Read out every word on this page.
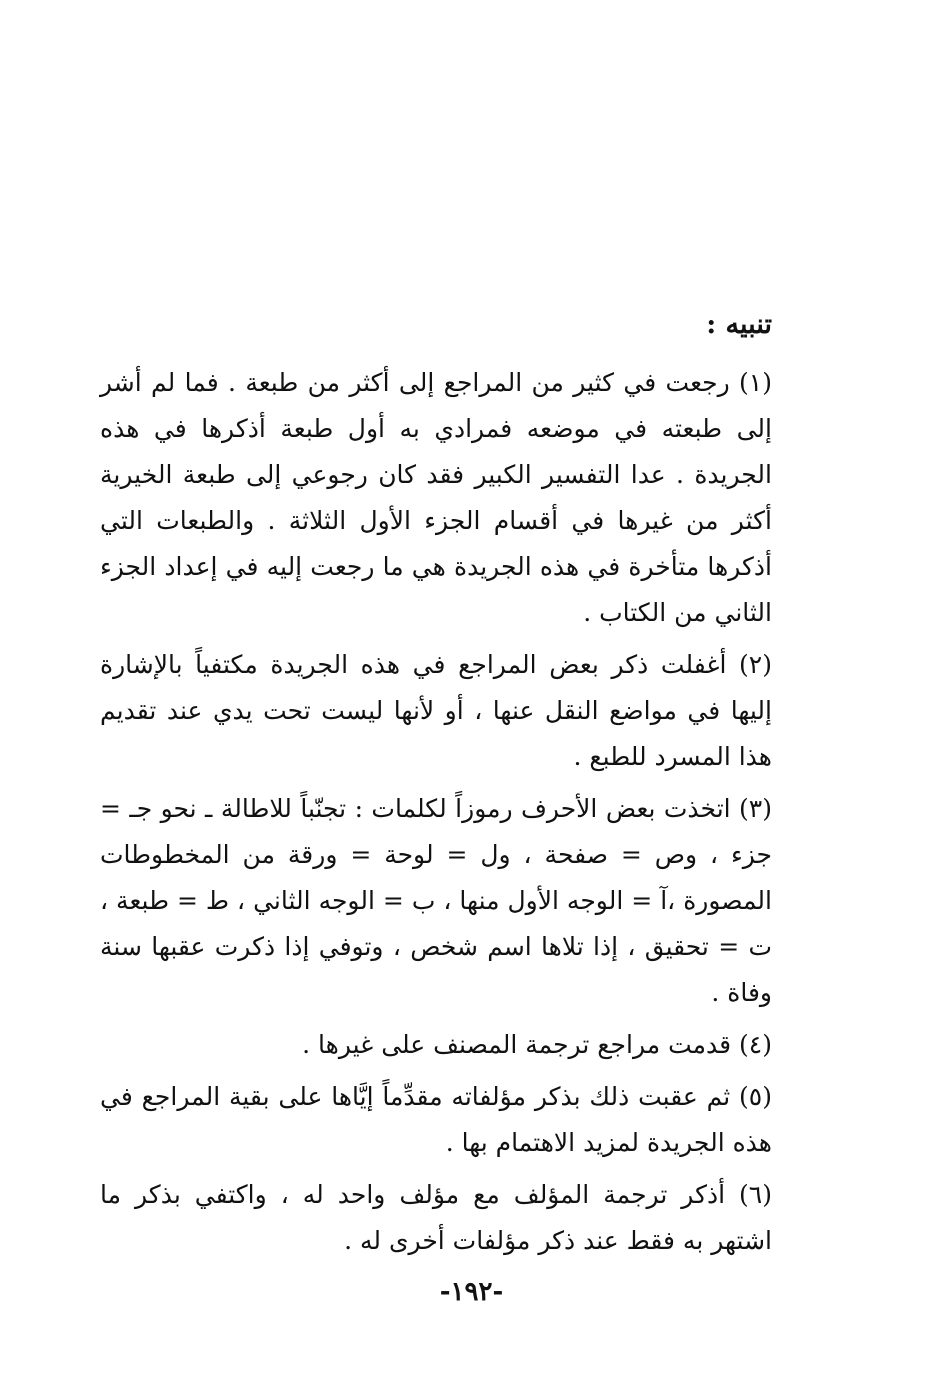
تنبيه :

(١) رجعت في كثير من المراجع إلى أكثر من طبعة . فما لم أشر إلى طبعته في موضعه فمرادي به أول طبعة أذكرها في هذه الجريدة . عدا التفسير الكبير فقد كان رجوعي إلى طبعة الخيرية أكثر من غيرها في أقسام الجزء الأول الثلاثة . والطبعات التي أذكرها متأخرة في هذه الجريدة هي ما رجعت إليه في إعداد الجزء الثاني من الكتاب .

(٢) أغفلت ذكر بعض المراجع في هذه الجريدة مكتفياً بالإشارة إليها في مواضع النقل عنها ، أو لأنها ليست تحت يدي عند تقديم هذا المسرد للطبع .

(٣) اتخذت بعض الأحرف رموزاً لكلمات : تجنّباً للاطالة ـ نحو جـ = جزء ، وص = صفحة ، ول = لوحة = ورقة من المخطوطات المصورة ،آ = الوجه الأول منها ، ب = الوجه الثاني ، ط = طبعة ، ت = تحقيق ، إذا تلاها اسم شخص ، وتوفي إذا ذكرت عقبها سنة وفاة .

(٤) قدمت مراجع ترجمة المصنف على غيرها .

(٥) ثم عقبت ذلك بذكر مؤلفاته مقدِّماً إيَّاها على بقية المراجع في هذه الجريدة لمزيد الاهتمام بها .

(٦) أذكر ترجمة المؤلف مع مؤلف واحد له ، واكتفي بذكر ما اشتهر به فقط عند ذكر مؤلفات أخرى له .

-١٩٢-
